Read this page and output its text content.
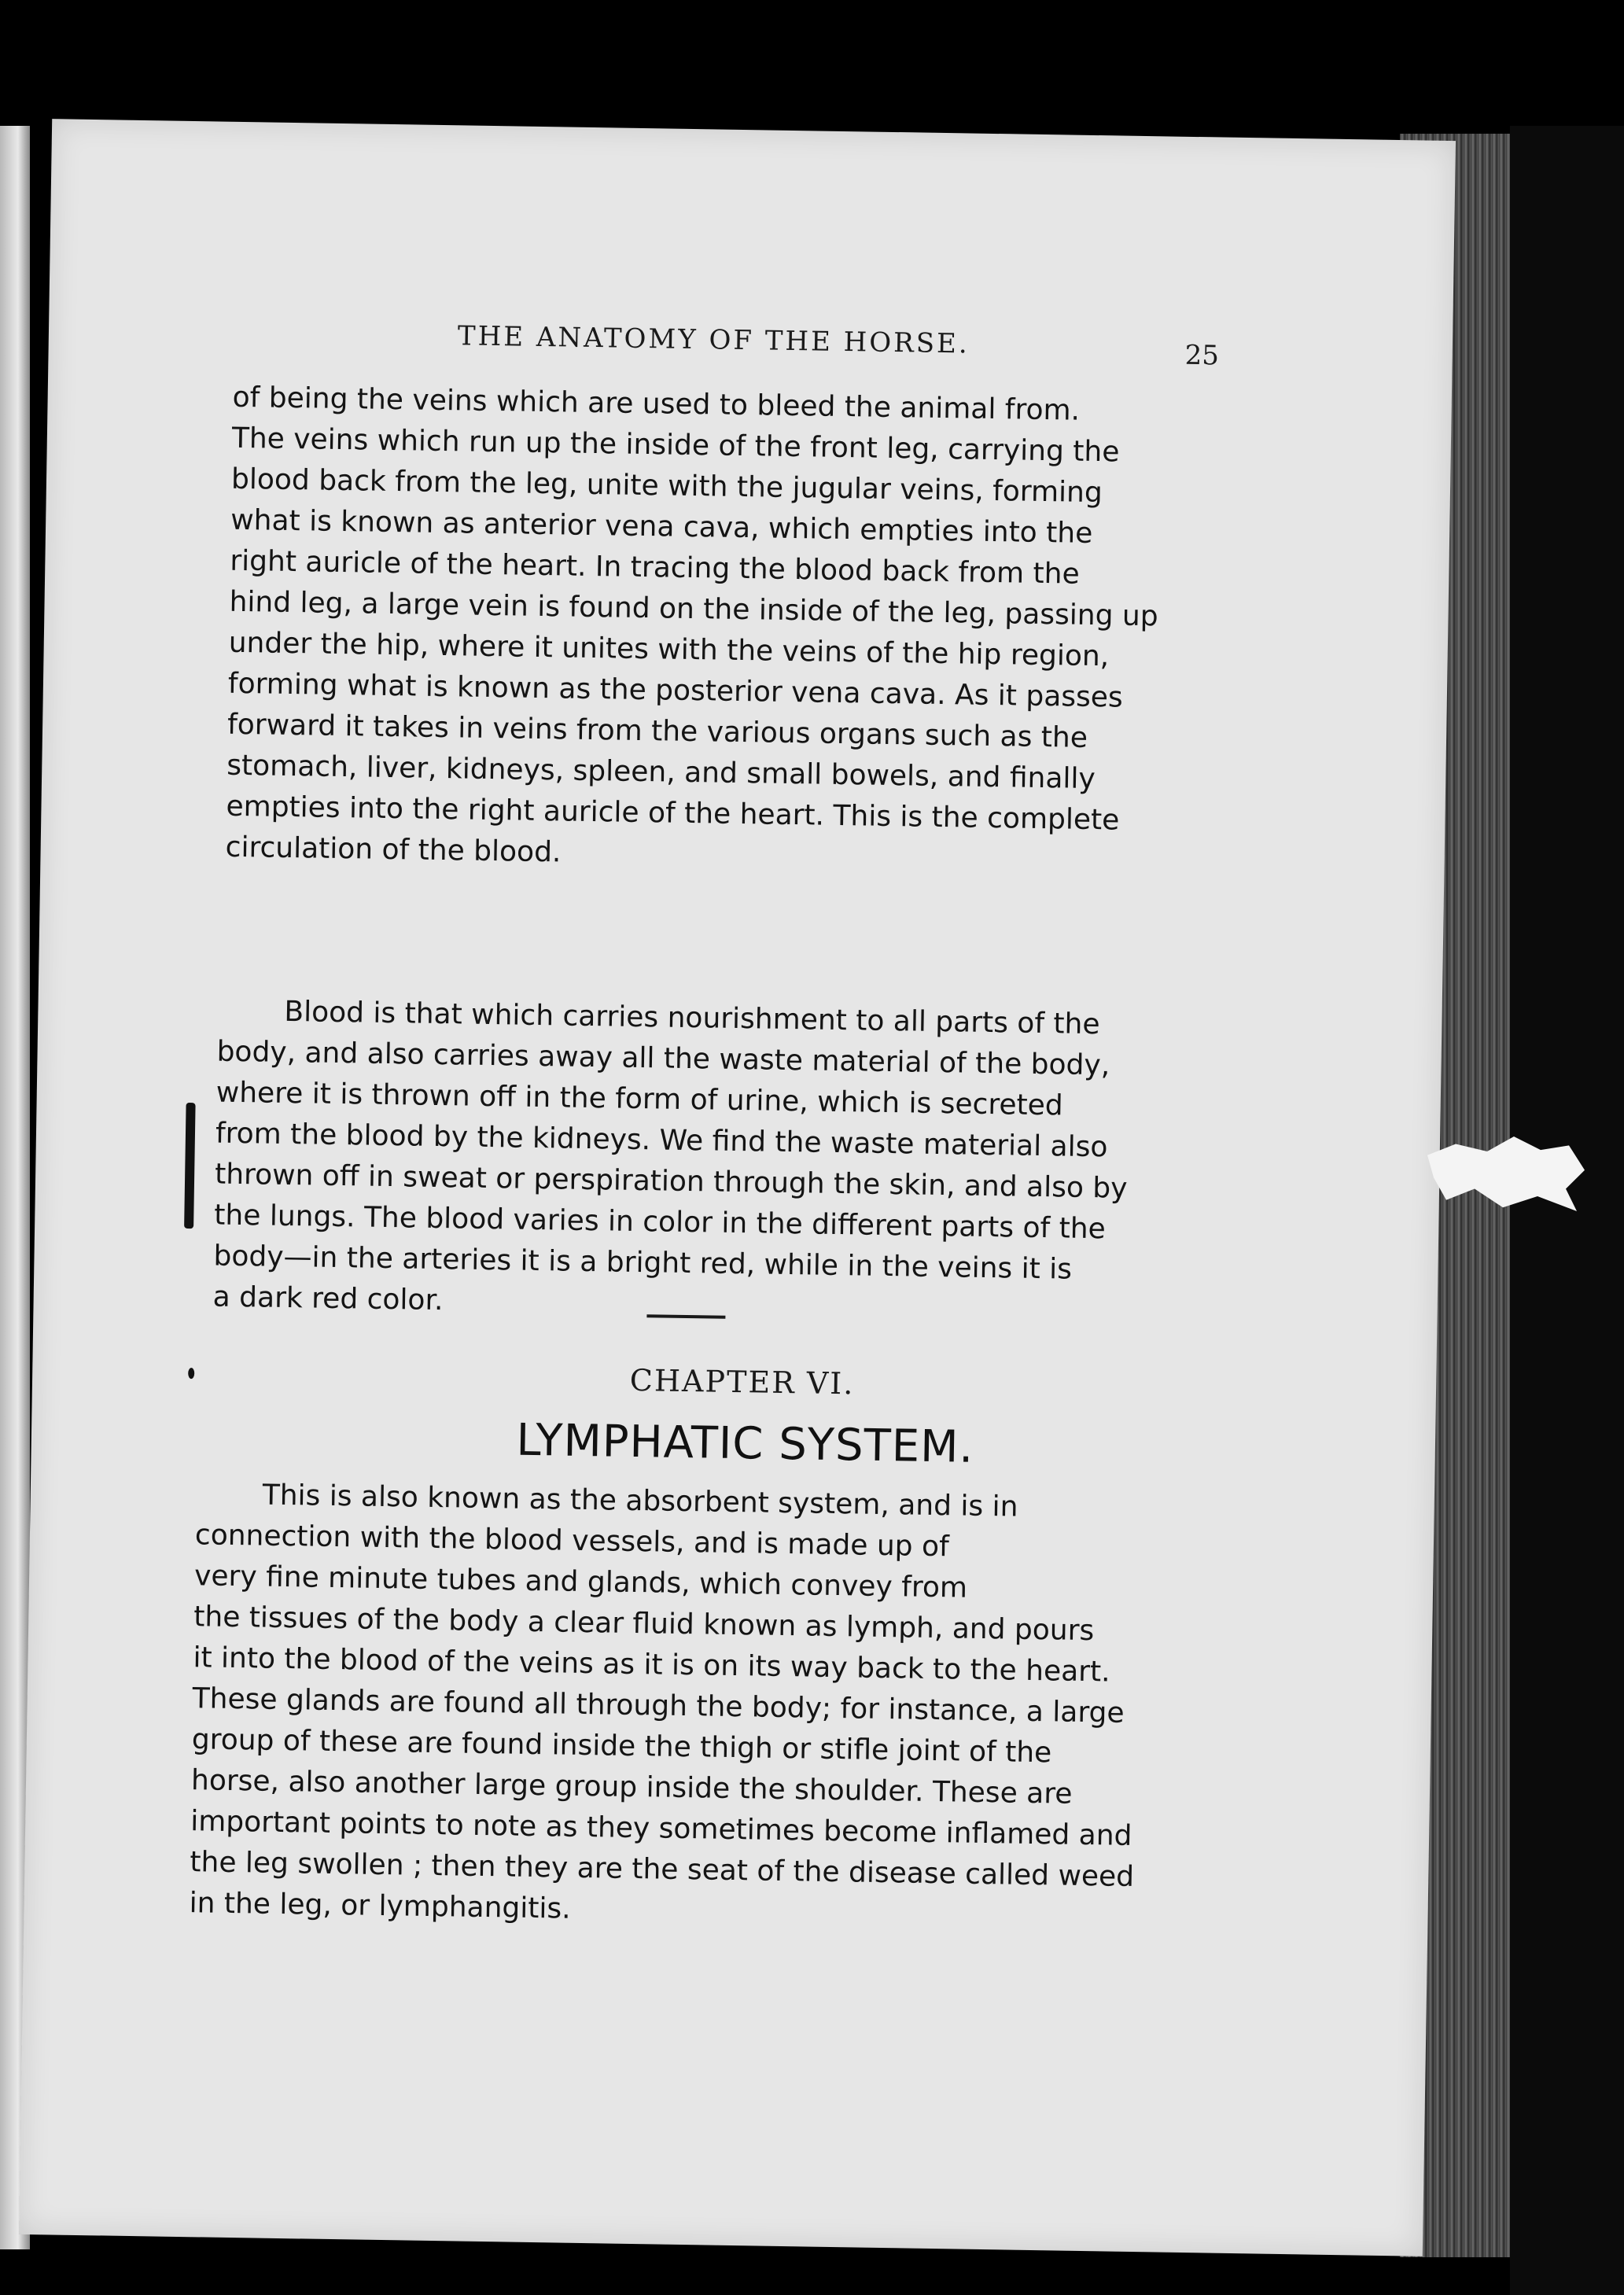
THE ANATOMY OF THE HORSE.	25

of being the veins which are used to bleed the animal from.

The veins which run up the inside of the front leg, carrying the

blood back from the leg, unite with the jugular veins, forming

what is known as anterior vena cava, which empties into the

right auricle of the heart. In tracing the blood back from the

hind leg, a large vein is found on the inside of the leg, passing up

under the hip, where it unites with the veins of the hip region,

forming what is known as the posterior vena cava. As it passes

forward it takes in veins from the various organs such as the

stomach, liver, kidneys, spleen, and small bowels, and finally

empties into the right auricle of the heart. This is the complete

circulation of the blood.

Blood is that which carries nourishment to all parts of the

body, and also carries away all the waste material of the body,

where it is thrown off in the form of urine, which is secreted

from the blood by the kidneys. We find the waste material also

thrown off in sweat or perspiration through the skin, and also by

the lungs. The blood varies in color in the different parts of the

body—in the arteries it is a bright red, while in the veins it is

a dark red color.

CHAPTER VI.
LYMPHATIC SYSTEM.

This is also known as the absorbent system, and is in

connection with the blood vessels, and is made up of

very fine minute tubes and glands, which convey from

the tissues of the body a clear fluid known as lymph, and pours

it into the blood of the veins as it is on its way back to the heart.

These glands are found all through the body; for instance, a large

group of these are found inside the thigh or stifle joint of the

horse, also another large group inside the shoulder. These are

important points to note as they sometimes become inflamed and

the leg swollen ; then they are the seat of the disease called weed

in the leg, or lymphangitis.
